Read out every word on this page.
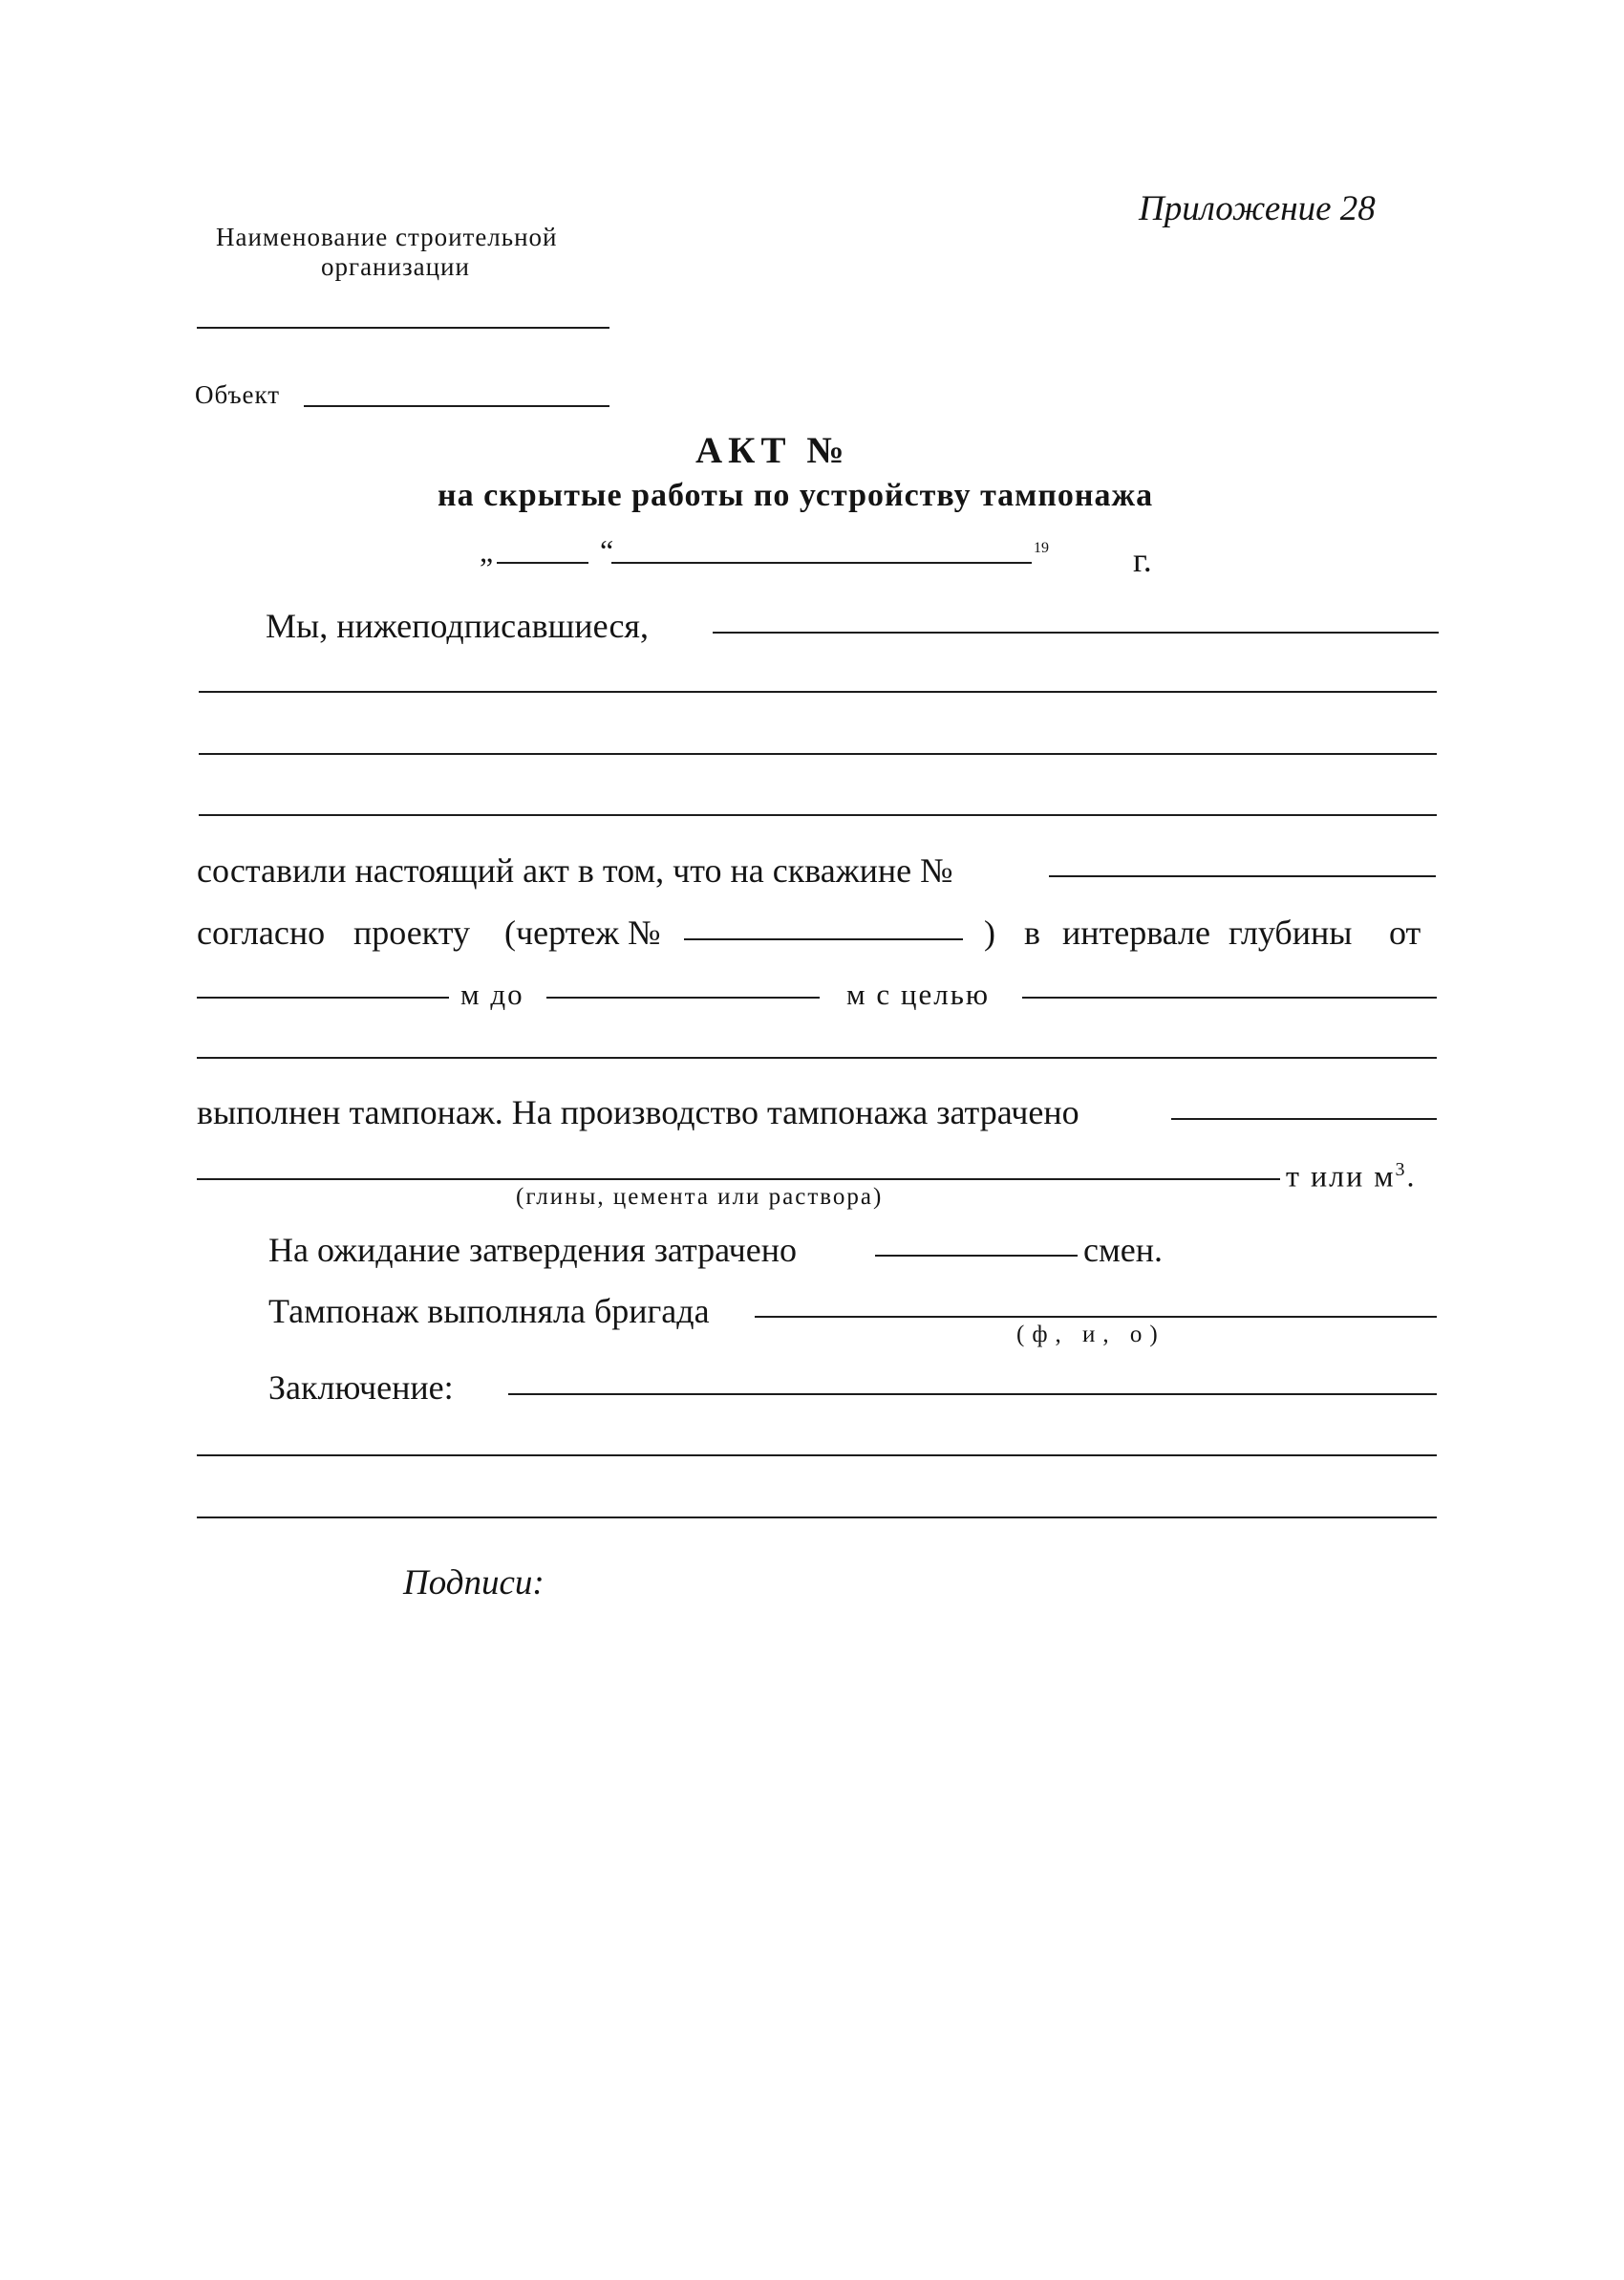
Приложение 28
Наименование строительной
организации
Объект
АКТ №
на скрытые работы по устройству тампонажа
„	“	19 г.
Мы, нижеподписавшиеся,
составили настоящий акт в том, что на скважине №
согласно проекту (чертеж №	) в интервале глубины от
м до	м с целью
выполнен тампонаж. На производство тампонажа затрачено
т или $м^3$.
(глины, цемента или раствора)
На ожидание затвердения затрачено	смен.
Тампонаж выполняла бригада
(ф, и, о)
Заключение:
Подписи:
